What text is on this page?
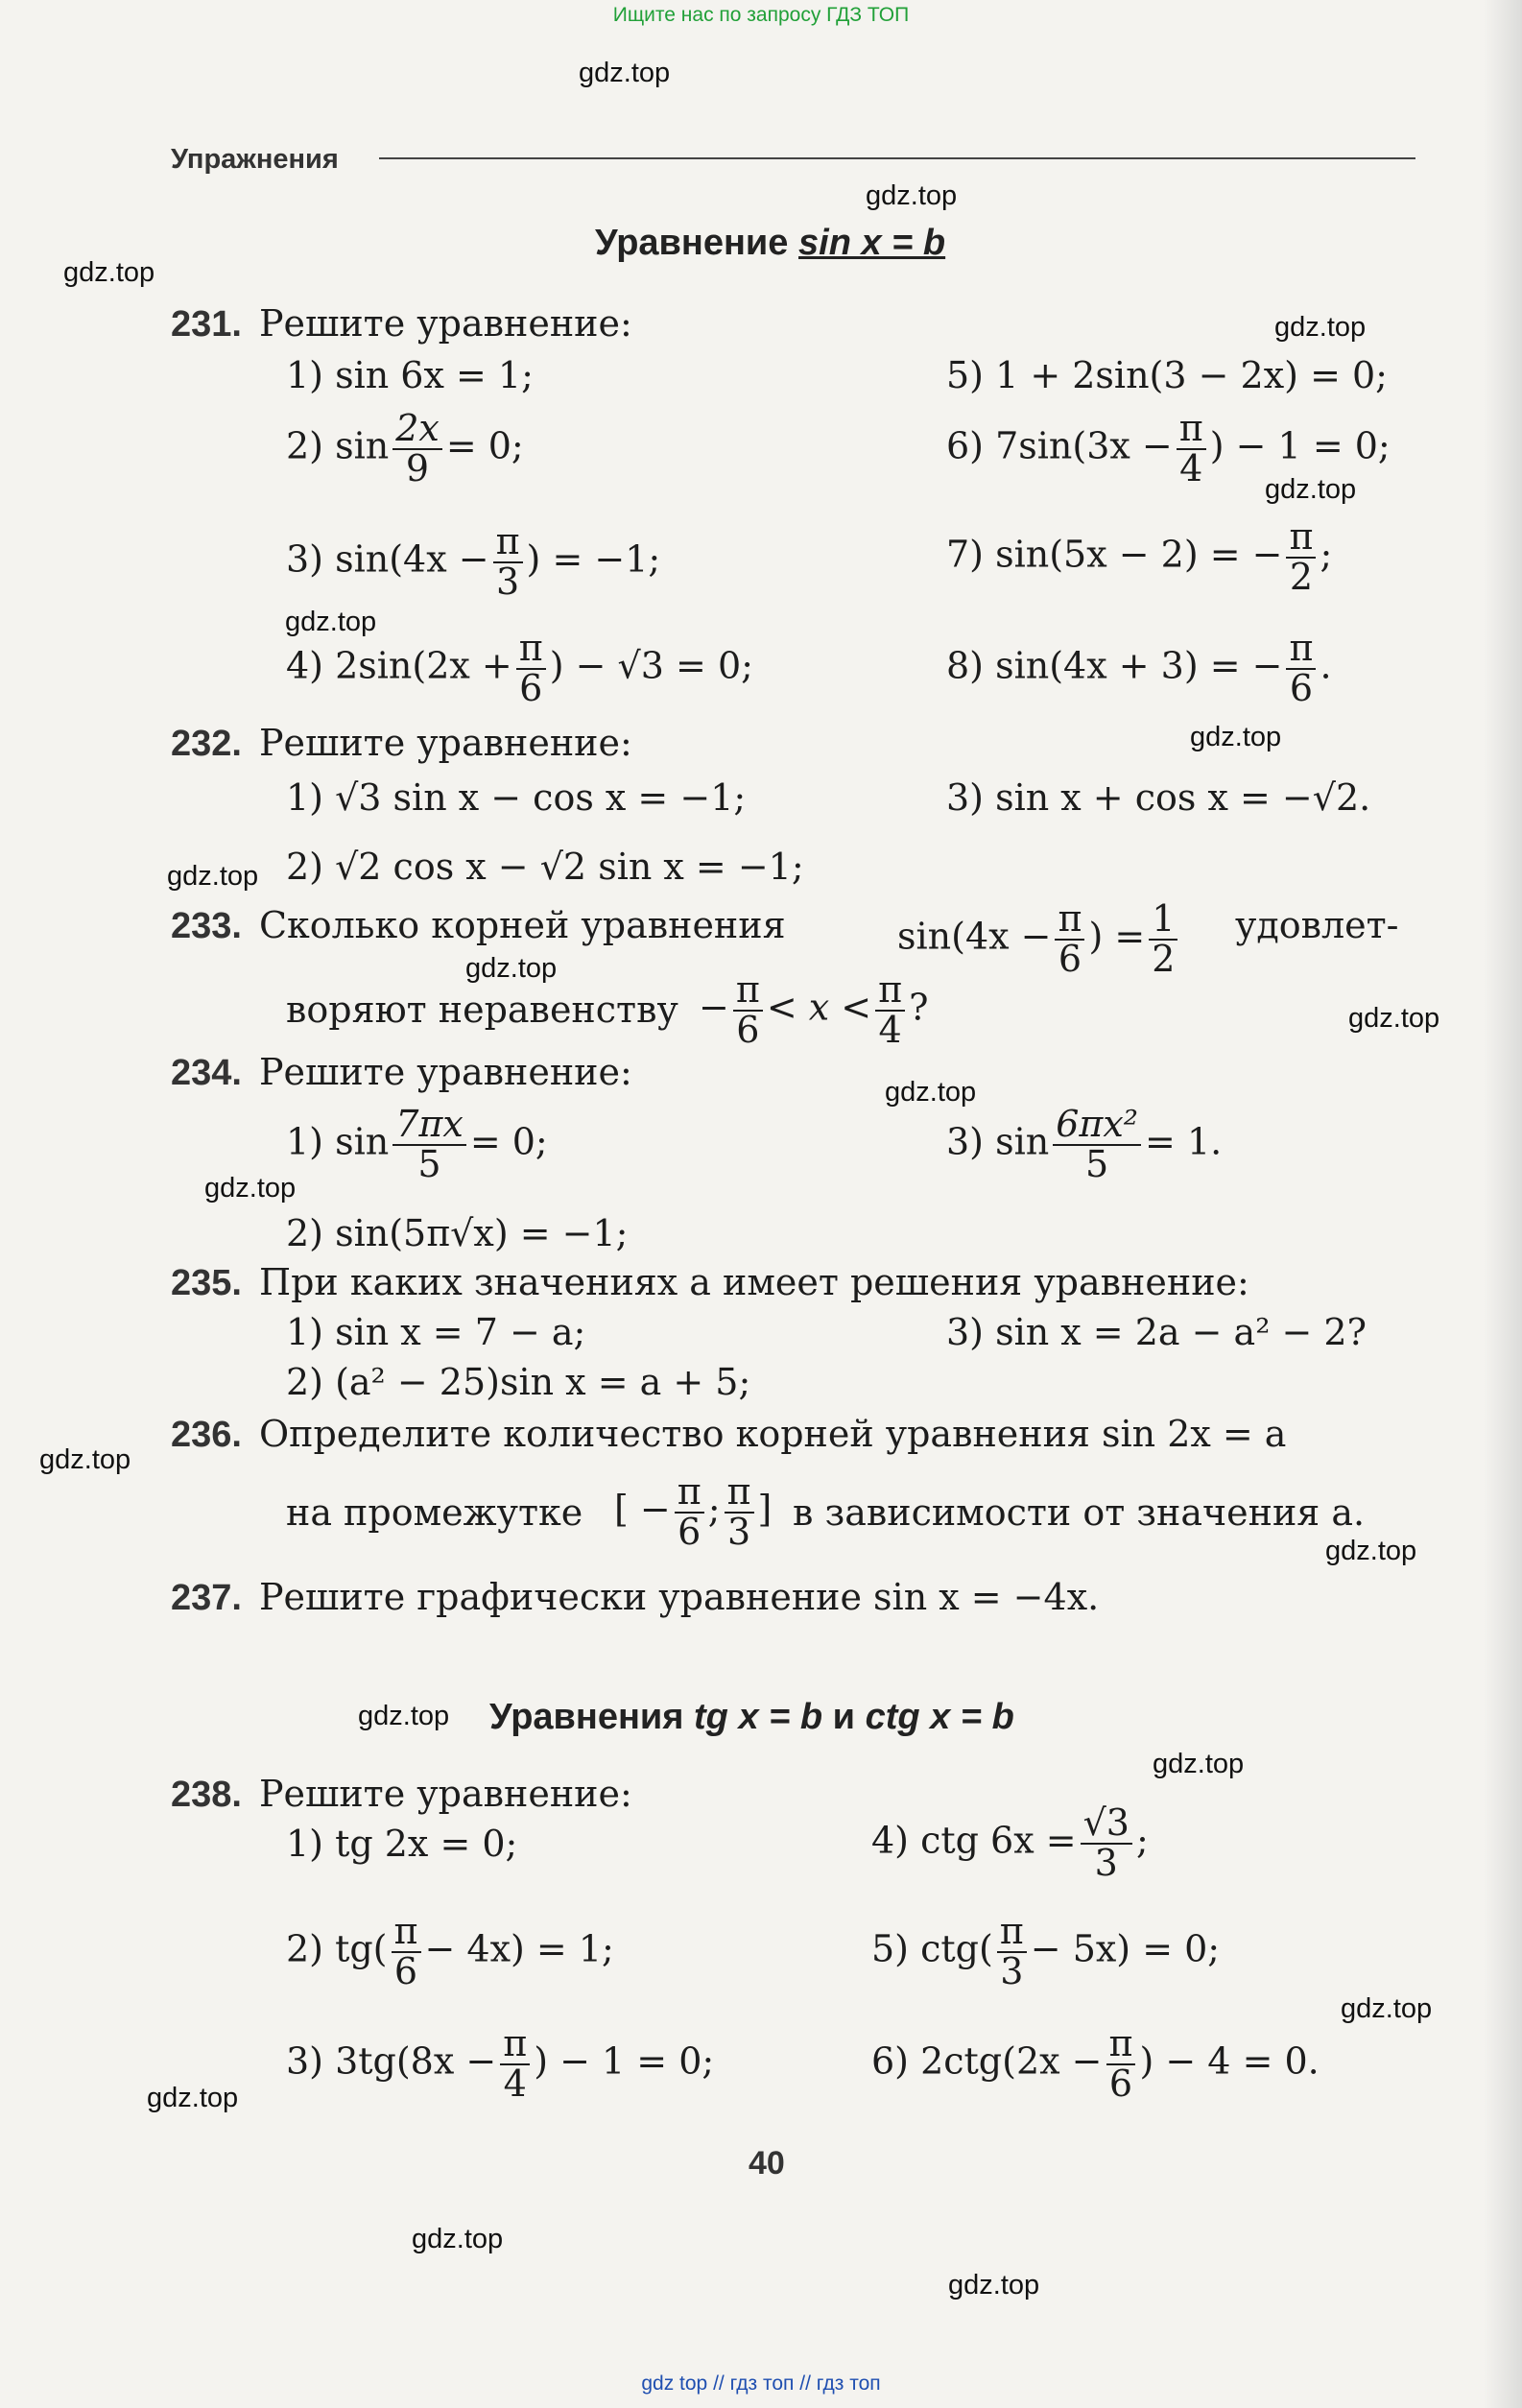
Ищите нас по запросу ГДЗ ТОП
gdz.top
gdz.top
gdz.top
gdz.top
gdz.top
gdz.top
gdz.top
gdz.top
gdz.top
gdz.top
gdz.top
gdz.top
gdz.top
gdz.top
gdz.top
gdz.top
gdz.top
gdz.top
gdz.top
gdz.top
Упражнения
Уравнение sin x = b
231. Решите уравнение:
1) sin 6x = 1;	5) 1 + 2sin(3 − 2x) = 0;
2) $\sin \frac{2x}{9} = 0$;	6) $7\sin(3x - \frac{\pi}{4}$ ) − 1 = 0;
3) $\sin(4x - \frac{\pi}{3}$ ) = −1;	7) sin(5x − 2) = − $\frac{\pi}{2}$ ;
4) $2\sin(2x + \frac{\pi}{6}$ ) − √3 = 0;	8) sin(4x + 3) = − $\frac{\pi}{6}$ .
232. Решите уравнение:
1) √3 sin x − cos x = −1;	3) sin x + cos x = −√2.
2) √2 cos x − √2 sin x = −1;
233. Сколько корней уравнения	$\sin(4x - \frac{\pi}{6}$ ) = $\frac{1}{2}$ удовлет-
воряют неравенству − $\frac{\pi}{6} < x < \frac{\pi}{4}$ ?
234. Решите уравнение:
1) $\sin \frac{7\pi x}{5} = 0$;	3) $\sin \frac{\text{6πx²}}{5} = 1$.
2) sin(5π√x) = −1;
235. При каких значениях a имеет решения уравнение:
1) sin x = 7 − a;	3) sin x = 2a − a² − 2?
2) (a² − 25)sin x = a + 5;
236. Определите количество корней уравнения sin 2x = a
на промежутке [ − $\frac{\pi}{6}$ ; $\frac{\pi}{3}$ ] в зависимости от значения a.
237. Решите графически уравнение sin x = −4x.
Уравнения tg x = b и ctg x = b
238. Решите уравнение:
1) tg 2x = 0;	4) ctg $6x = \frac{√3}{3}$ ;
2) $tg( \frac{\pi}{6} - 4x) = 1$;	5) $ctg( \frac{\pi}{3} - 5x) = 0$;
3) $3tg(8x - \frac{\pi}{4}$ ) − 1 = 0;	6) $2ctg(2x - \frac{\pi}{6}$ ) − 4 = 0.
40
gdz top // гдз топ // гдз топ
